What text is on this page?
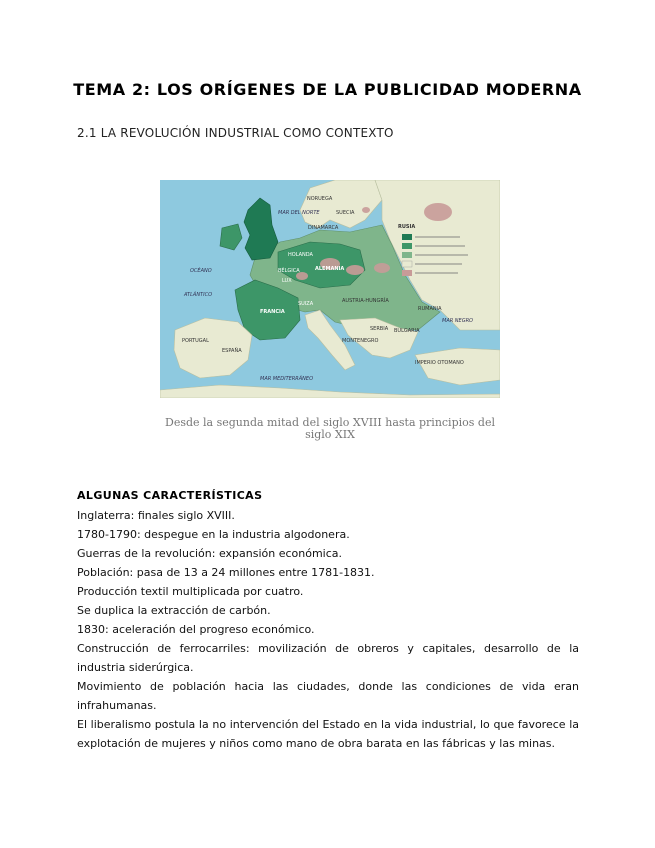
TEMA 2: LOS ORÍGENES DE LA PUBLICIDAD MODERNA
2.1 LA REVOLUCIÓN INDUSTRIAL COMO CONTEXTO
MAR DEL NORTE
NORUEGA
SUECIA
DINAMARCA	RUSIA
HOLANDA
BÉLGICA	ALEMANIA
LUX
SUIZA	AUSTRIA-HUNGRÍA
OCÉANO
ATLÁNTICO
FRANCIA
PORTUGAL
ESPAÑA
MONTENEGRO
SERBIA BULGARIA
RUMANIA
MAR NEGRO
IMPERIO OTOMANO
MAR MEDITERRÁNEO
Desde la segunda mitad del siglo XVIII hasta principios del siglo XIX
ALGUNAS CARACTERÍSTICAS
Inglaterra: finales siglo XVIII.
1780-1790: despegue en la industria algodonera.
Guerras de la revolución: expansión económica.
Población: pasa de 13 a 24 millones entre 1781-1831.
Producción textil multiplicada por cuatro.
Se duplica la extracción de carbón.
1830: aceleración del progreso económico.
Construcción de ferrocarriles: movilización de obreros y capitales, desarrollo de la industria siderúrgica.
Movimiento de población hacia las ciudades, donde las condiciones de vida eran infrahumanas.
El liberalismo postula la no intervención del Estado en la vida industrial, lo que favorece la explotación de mujeres y niños como mano de obra barata en las fábricas y las minas.
